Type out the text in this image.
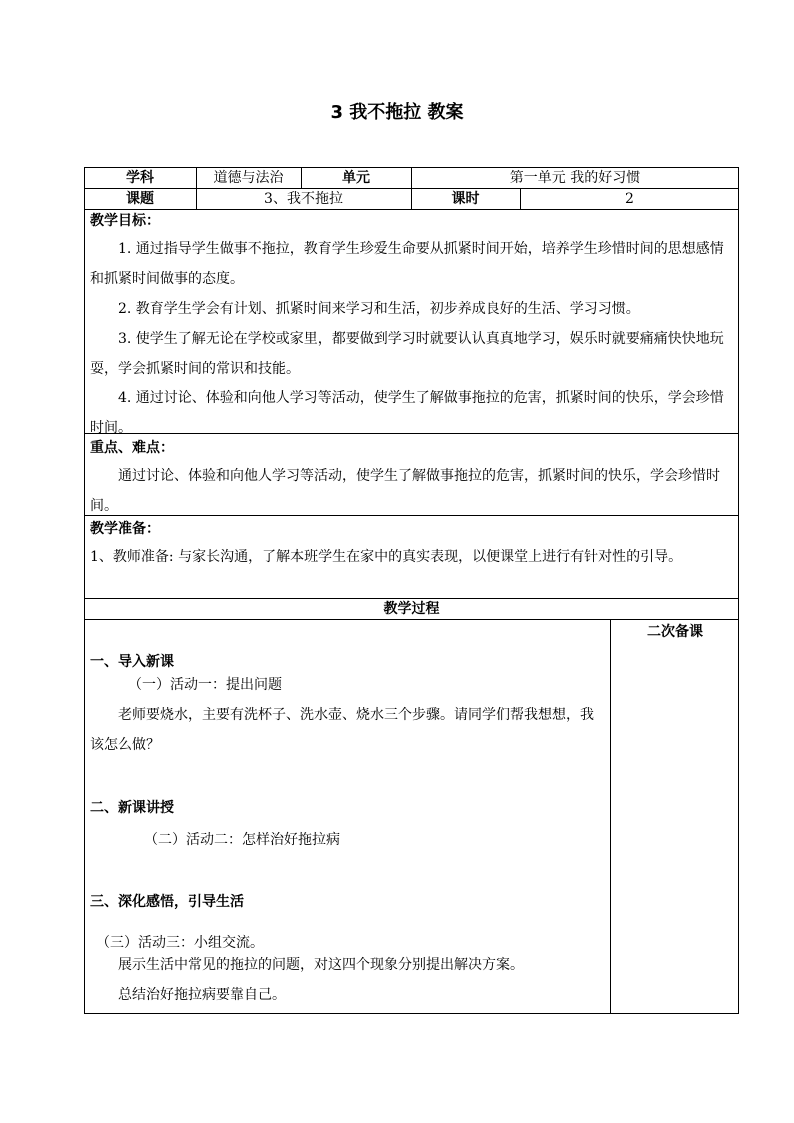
3 我不拖拉 教案
学科	道德与法治	单元	第一单元 我的好习惯
课题	3、我不拖拉	课时	2
教学目标：
1. 通过指导学生做事不拖拉，教育学生珍爱生命要从抓紧时间开始，培养学生珍惜时间的思想感情和抓紧时间做事的态度。
2. 教育学生学会有计划、抓紧时间来学习和生活，初步养成良好的生活、学习习惯。
3. 使学生了解无论在学校或家里，都要做到学习时就要认认真真地学习，娱乐时就要痛痛快快地玩耍，学会抓紧时间的常识和技能。
4. 通过讨论、体验和向他人学习等活动，使学生了解做事拖拉的危害，抓紧时间的快乐，学会珍惜时间。
重点、难点：
通过讨论、体验和向他人学习等活动，使学生了解做事拖拉的危害，抓紧时间的快乐，学会珍惜时间。
教学准备：
1、教师准备: 与家长沟通，了解本班学生在家中的真实表现，以便课堂上进行有针对性的引导。
教学过程
二次备课
一、导入新课
（一）活动一：提出问题
老师要烧水，主要有洗杯子、洗水壶、烧水三个步骤。请同学们帮我想想，我该怎么做？
二、新课讲授
（二）活动二：怎样治好拖拉病
三、深化感悟，引导生活
（三）活动三：小组交流。
展示生活中常见的拖拉的问题，对这四个现象分别提出解决方案。
总结治好拖拉病要靠自己。
